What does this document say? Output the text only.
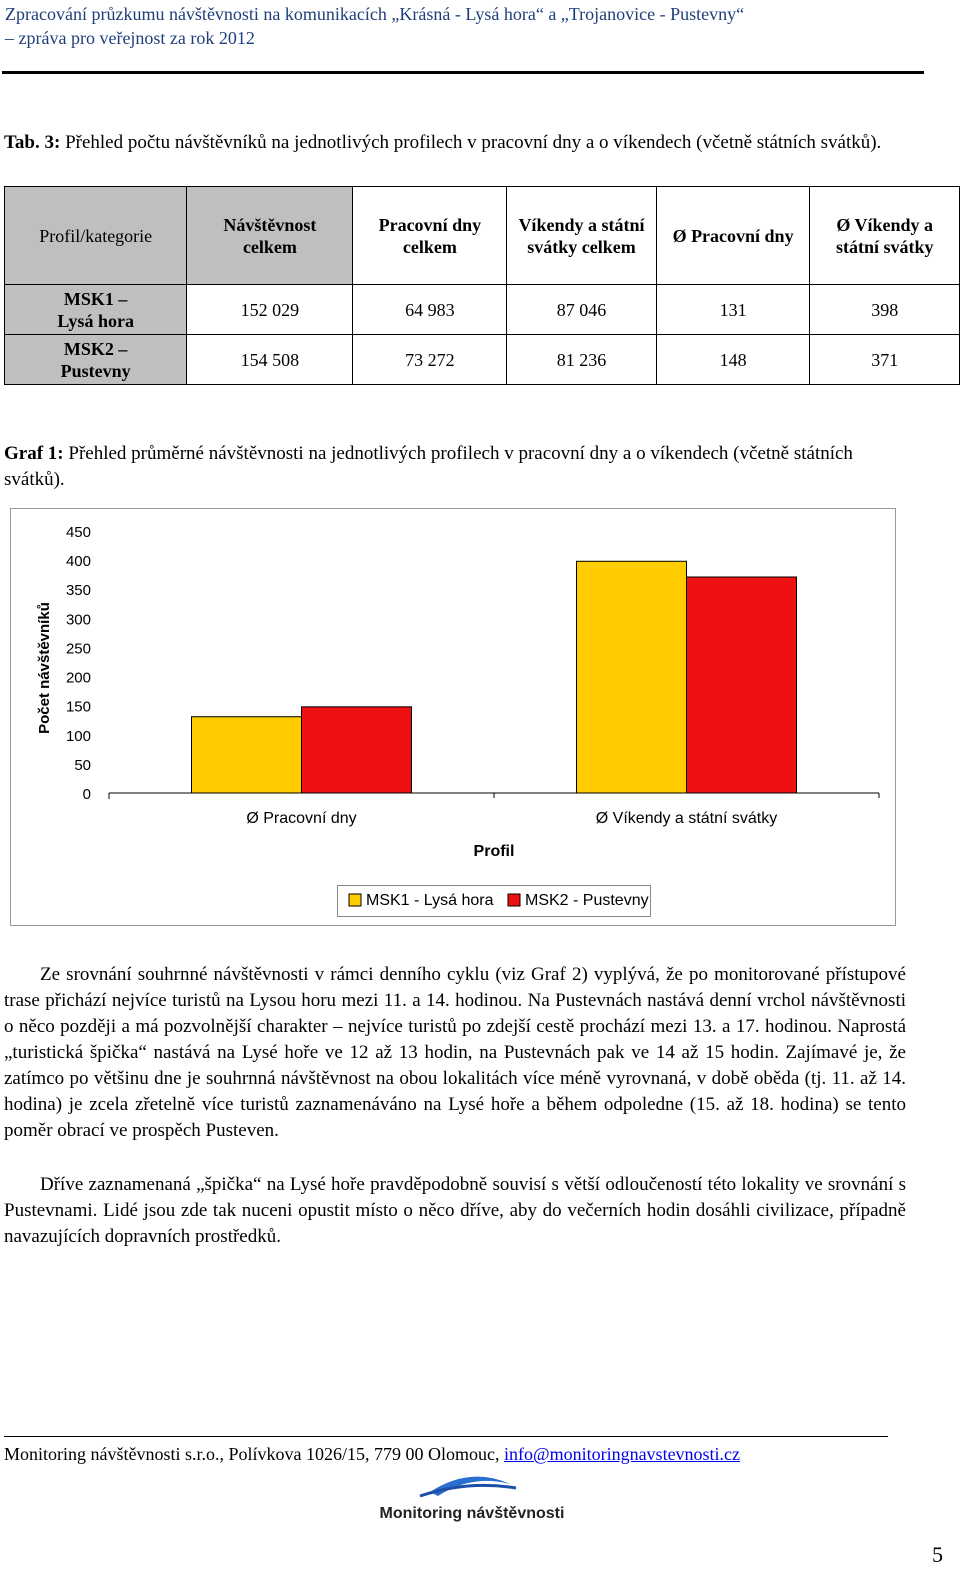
Zpracování průzkumu návštěvnosti na komunikacích „Krásná - Lysá hora“ a „Trojanovice - Pustevny“
– zpráva pro veřejnost za rok 2012
Tab. 3: Přehled počtu návštěvníků na jednotlivých profilech v pracovní dny a o víkendech (včetně státních svátků).
Profil/kategorie	Návštěvnost celkem	Pracovní dny celkem	Víkendy a státní svátky celkem	Ø Pracovní dny	Ø Víkendy a státní svátky
MSK1 – Lysá hora	152 029	64 983	87 046	131	398
MSK2 – Pustevny	154 508	73 272	81 236	148	371
Graf 1: Přehled průměrné návštěvnosti na jednotlivých profilech v pracovní dny a o víkendech (včetně státních svátků).
0
50
100
150
200
250
300
350
400
450
Ø Pracovní dny	Ø Víkendy a státní svátky
Profil
Počet návštěvníků
MSK1 - Lysá hora MSK2 - Pustevny
Ze srovnání souhrnné návštěvnosti v rámci denního cyklu (viz Graf 2) vyplývá, že po monitorované přístupové trase přichází nejvíce turistů na Lysou horu mezi 11. a 14. hodinou. Na Pustevnách nastává denní vrchol návštěvnosti o něco později a má pozvolnější charakter – nejvíce turistů po zdejší cestě prochází mezi 13. a 17. hodinou. Naprostá „turistická špička“ nastává na Lysé hoře ve 12 až 13 hodin, na Pustevnách pak ve 14 až 15 hodin. Zajímavé je, že zatímco po většinu dne je souhrnná návštěvnost na obou lokalitách více méně vyrovnaná, v době oběda (tj. 11. až 14. hodina) je zcela zřetelně více turistů zaznamenáváno na Lysé hoře a během odpoledne (15. až 18. hodina) se tento poměr obrací ve prospěch Pusteven.
Dříve zaznamenaná „špička“ na Lysé hoře pravděpodobně souvisí s větší odloučeností této lokality ve srovnání s Pustevnami. Lidé jsou zde tak nuceni opustit místo o něco dříve, aby do večerních hodin dosáhli civilizace, případně navazujících dopravních prostředků.
Monitoring návštěvnosti s.r.o., Polívkova 1026/15, 779 00 Olomouc, info@monitoringnavstevnosti.cz
Monitoring návštěvnosti
5
